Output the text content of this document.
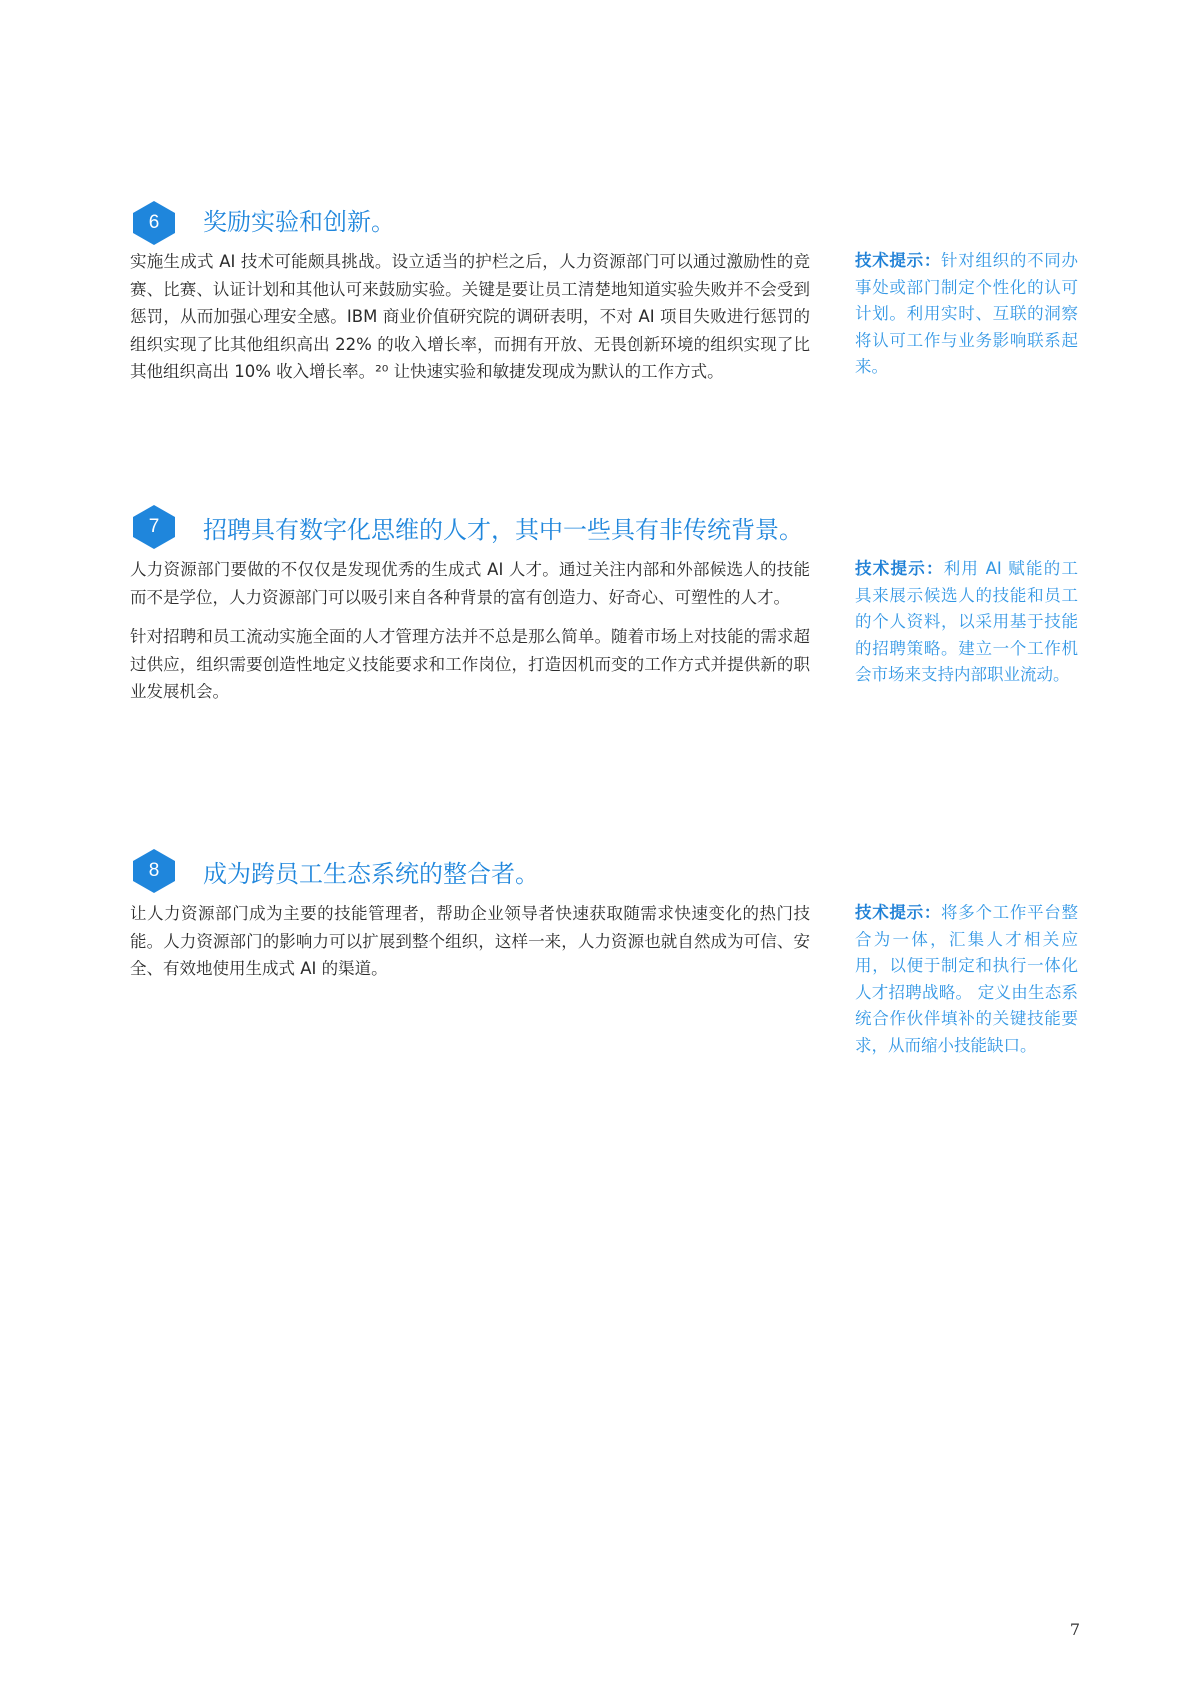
6	奖励实验和创新。

实施生成式 AI 技术可能颇具挑战。设立适当的护栏之后，人力资源部门可以通过激励性的竞赛、比赛、认证计划和其他认可来鼓励实验。关键是要让员工清楚地知道实验失败并不会受到惩罚，从而加强心理安全感。IBM 商业价值研究院的调研表明，不对 AI 项目失败进行惩罚的组织实现了比其他组织高出 22% 的收入增长率，而拥有开放、无畏创新环境的组织实现了比其他组织高出 10% 收入增长率。²⁰ 让快速实验和敏捷发现成为默认的工作方式。

技术提示：针对组织的不同办事处或部门制定个性化的认可计划。利用实时、互联的洞察将认可工作与业务影响联系起来。

7	招聘具有数字化思维的人才，其中一些具有非传统背景。

人力资源部门要做的不仅仅是发现优秀的生成式 AI 人才。通过关注内部和外部候选人的技能而不是学位，人力资源部门可以吸引来自各种背景的富有创造力、好奇心、可塑性的人才。

针对招聘和员工流动实施全面的人才管理方法并不总是那么简单。随着市场上对技能的需求超过供应，组织需要创造性地定义技能要求和工作岗位，打造因机而变的工作方式并提供新的职业发展机会。

技术提示：利用 AI 赋能的工具来展示候选人的技能和员工的个人资料，以采用基于技能的招聘策略。建立一个工作机会市场来支持内部职业流动。

8	成为跨员工生态系统的整合者。

让人力资源部门成为主要的技能管理者，帮助企业领导者快速获取随需求快速变化的热门技能。人力资源部门的影响力可以扩展到整个组织，这样一来，人力资源也就自然成为可信、安全、有效地使用生成式 AI 的渠道。

技术提示：将多个工作平台整合为一体，汇集人才相关应用，以便于制定和执行一体化人才招聘战略。 定义由生态系统合作伙伴填补的关键技能要求，从而缩小技能缺口。

7
